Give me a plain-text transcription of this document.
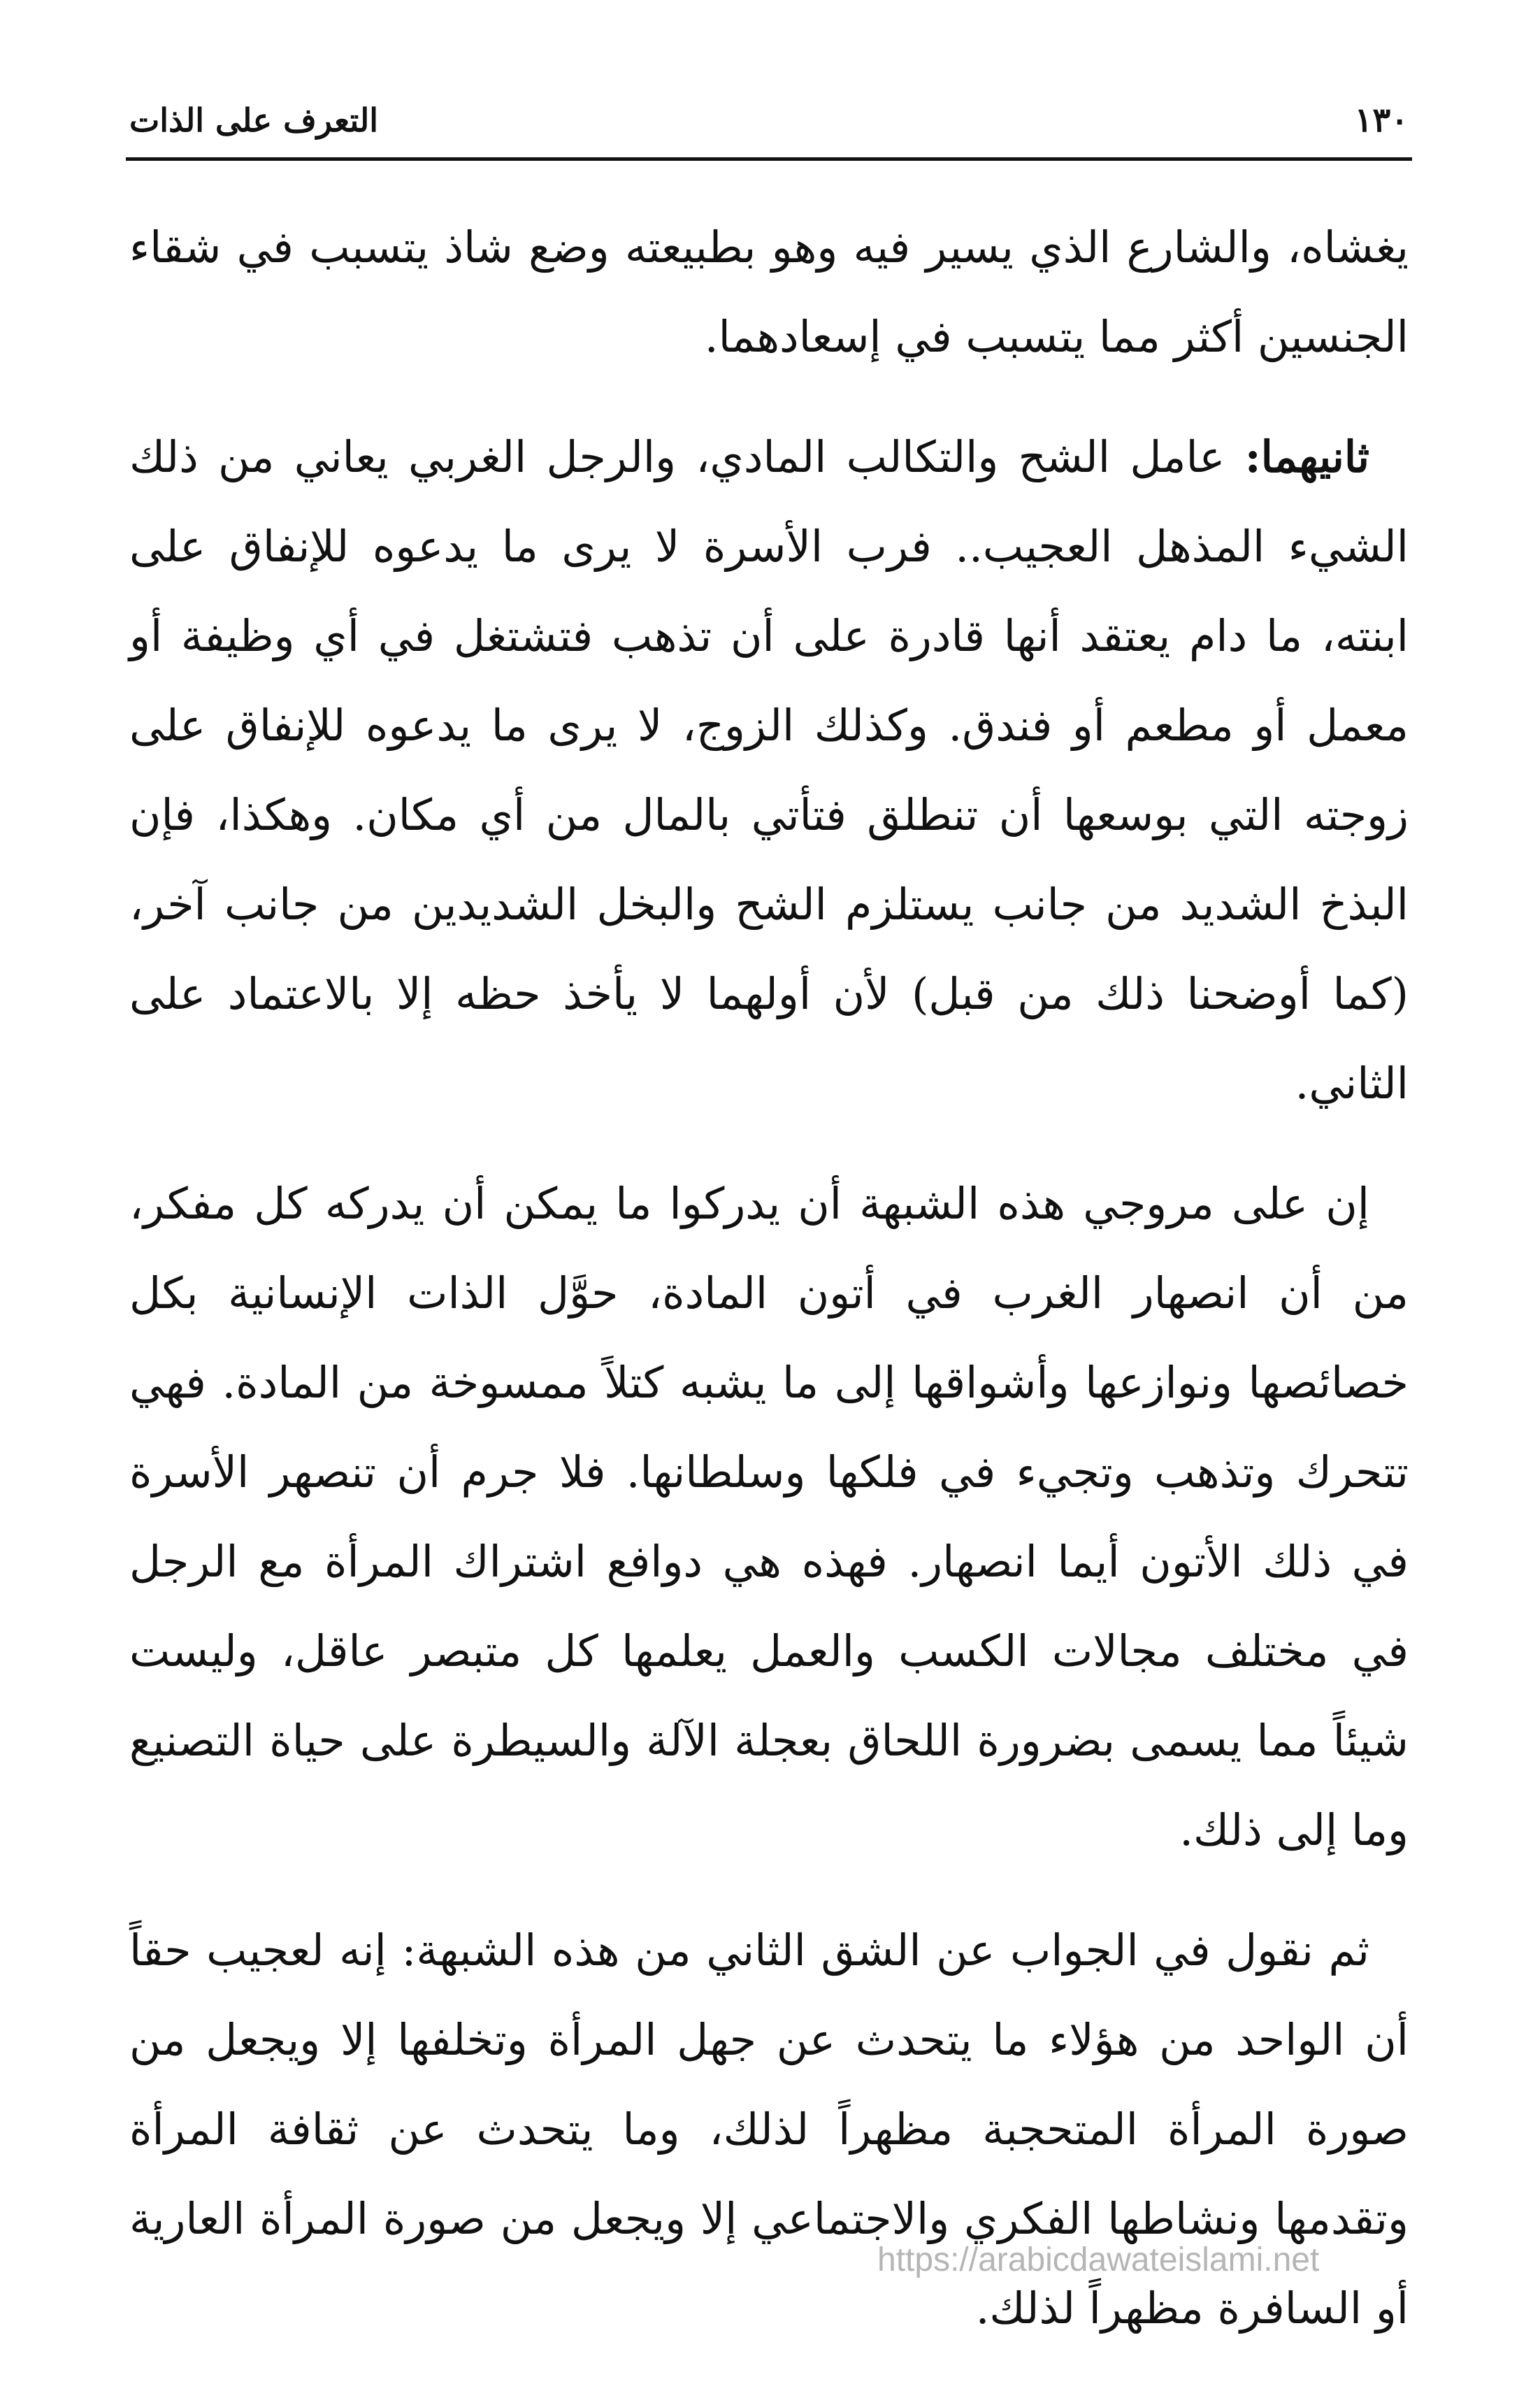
١٣٠
التعرف على الذات

يغشاه، والشارع الذي يسير فيه وهو بطبيعته وضع شاذ يتسبب في شقاء الجنسين أكثر مما يتسبب في إسعادهما.

ثانيهما: عامل الشح والتكالب المادي، والرجل الغربي يعاني من ذلك الشيء المذهل العجيب.. فرب الأسرة لا يرى ما يدعوه للإنفاق على ابنته، ما دام يعتقد أنها قادرة على أن تذهب فتشتغل في أي وظيفة أو معمل أو مطعم أو فندق. وكذلك الزوج، لا يرى ما يدعوه للإنفاق على زوجته التي بوسعها أن تنطلق فتأتي بالمال من أي مكان. وهكذا، فإن البذخ الشديد من جانب يستلزم الشح والبخل الشديدين من جانب آخر، (كما أوضحنا ذلك من قبل) لأن أولهما لا يأخذ حظه إلا بالاعتماد على الثاني.

إن على مروجي هذه الشبهة أن يدركوا ما يمكن أن يدركه كل مفكر، من أن انصهار الغرب في أتون المادة، حوَّل الذات الإنسانية بكل خصائصها ونوازعها وأشواقها إلى ما يشبه كتلاً ممسوخة من المادة. فهي تتحرك وتذهب وتجيء في فلكها وسلطانها. فلا جرم أن تنصهر الأسرة في ذلك الأتون أيما انصهار. فهذه هي دوافع اشتراك المرأة مع الرجل في مختلف مجالات الكسب والعمل يعلمها كل متبصر عاقل، وليست شيئاً مما يسمى بضرورة اللحاق بعجلة الآلة والسيطرة على حياة التصنيع وما إلى ذلك.

ثم نقول في الجواب عن الشق الثاني من هذه الشبهة: إنه لعجيب حقاً أن الواحد من هؤلاء ما يتحدث عن جهل المرأة وتخلفها إلا ويجعل من صورة المرأة المتحجبة مظهراً لذلك، وما يتحدث عن ثقافة المرأة وتقدمها ونشاطها الفكري والاجتماعي إلا ويجعل من صورة المرأة العارية أو السافرة مظهراً لذلك.

https://arabicdawateislami.net
